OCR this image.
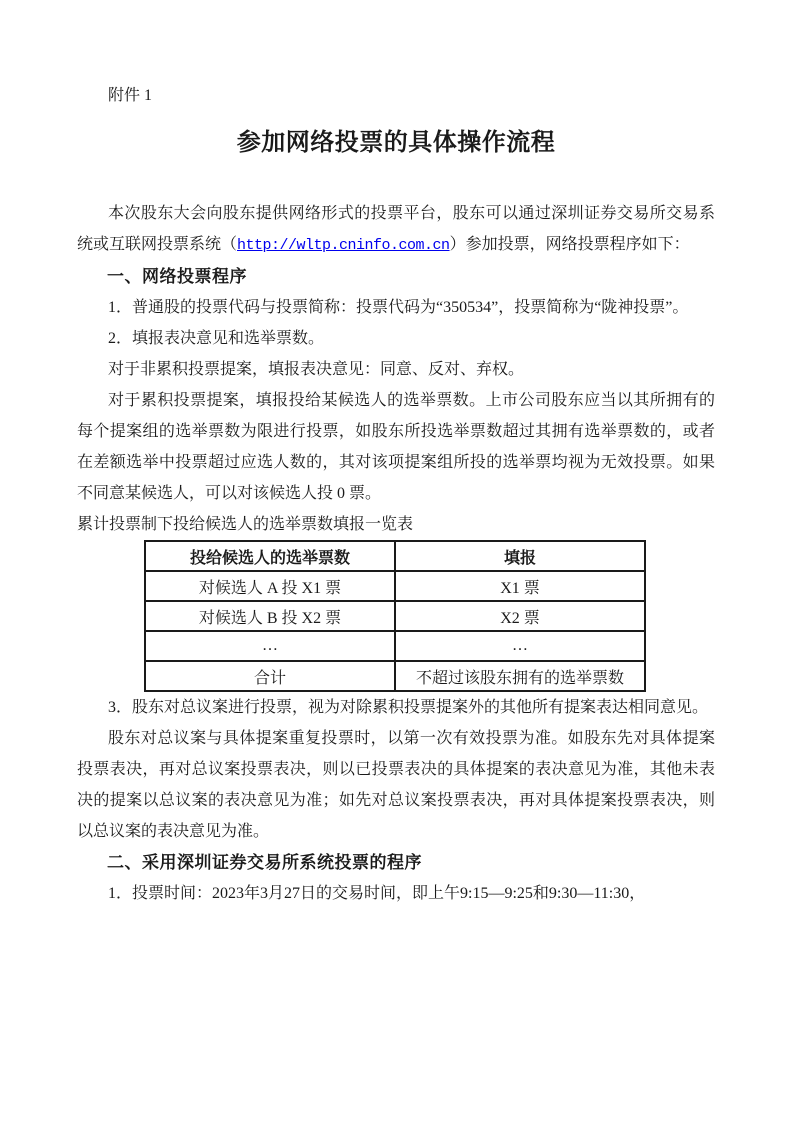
附件 1

参加网络投票的具体操作流程

本次股东大会向股东提供网络形式的投票平台，股东可以通过深圳证券交易所交易系统或互联网投票系统（http://wltp.cninfo.com.cn）参加投票，网络投票程序如下：

一、网络投票程序

1．普通股的投票代码与投票简称：投票代码为“350534”，投票简称为“陇神投票”。

2．填报表决意见和选举票数。

对于非累积投票提案，填报表决意见：同意、反对、弃权。

对于累积投票提案，填报投给某候选人的选举票数。上市公司股东应当以其所拥有的每个提案组的选举票数为限进行投票，如股东所投选举票数超过其拥有选举票数的，或者在差额选举中投票超过应选人数的，其对该项提案组所投的选举票均视为无效投票。如果不同意某候选人，可以对该候选人投 0 票。

累计投票制下投给候选人的选举票数填报一览表

投给候选人的选举票数	填报
对候选人 A 投 X1 票	X1 票
对候选人 B 投 X2 票	X2 票
…	…
合计	不超过该股东拥有的选举票数

3．股东对总议案进行投票，视为对除累积投票提案外的其他所有提案表达相同意见。

股东对总议案与具体提案重复投票时，以第一次有效投票为准。如股东先对具体提案投票表决，再对总议案投票表决，则以已投票表决的具体提案的表决意见为准，其他未表决的提案以总议案的表决意见为准；如先对总议案投票表决，再对具体提案投票表决，则以总议案的表决意见为准。

二、采用深圳证券交易所系统投票的程序

1．投票时间：2023年3月27日的交易时间，即上午9:15—9:25和9:30—11:30，
